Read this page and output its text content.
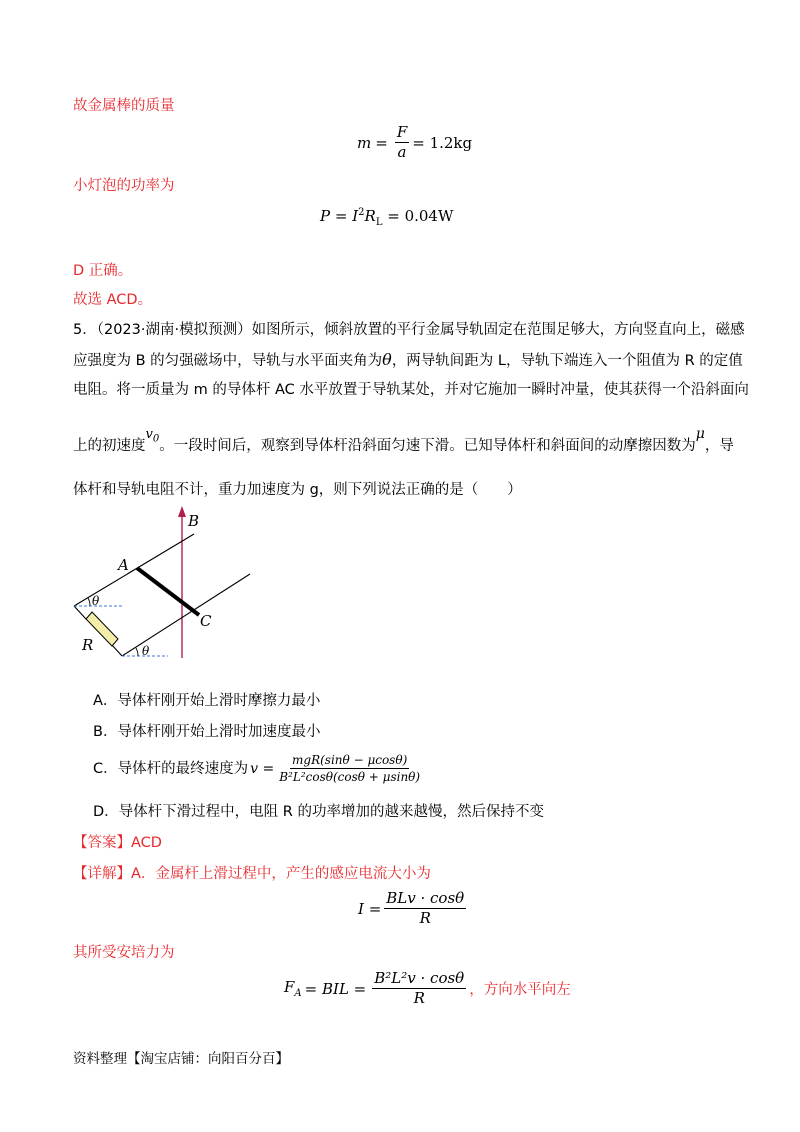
故金属棒的质量
$m = \frac{F}{a} = 1.2kg$
小灯泡的功率为
$P = I^2R_L = 0.04W$
D 正确。
故选 ACD。
5．（2023·湖南·模拟预测）如图所示，倾斜放置的平行金属导轨固定在范围足够大，方向竖直向上，磁感
应强度为 B 的匀强磁场中，导轨与水平面夹角为θ，两导轨间距为 L，导轨下端连入一个阻值为 R 的定值
电阻。将一质量为 m 的导体杆 AC 水平放置于导轨某处，并对它施加一瞬时冲量，使其获得一个沿斜面向
上的初速度$v_0$。一段时间后，观察到导体杆沿斜面匀速下滑。已知导体杆和斜面间的动摩擦因数为μ，导
体杆和导轨电阻不计，重力加速度为 g，则下列说法正确的是（　　）
B
R
A
C
θ
θ
A．导体杆刚开始上滑时摩擦力最小
B．导体杆刚开始上滑时加速度最小
C．导体杆的最终速度为 $v = \frac{\text{mgR(sinθ − μcosθ)}}{\text{B²L²cosθ(cosθ + μsinθ)}}$
D．导体杆下滑过程中，电阻 R 的功率增加的越来越慢，然后保持不变
【答案】ACD
【详解】A．金属杆上滑过程中，产生的感应电流大小为
$I = \frac{\text{BLv · cosθ}}{R}$
其所受安培力为
$F_A$ = BIL = $\frac{\text{B²L²v · cosθ}}{R}$ ，方向水平向左
资料整理【淘宝店铺：向阳百分百】
